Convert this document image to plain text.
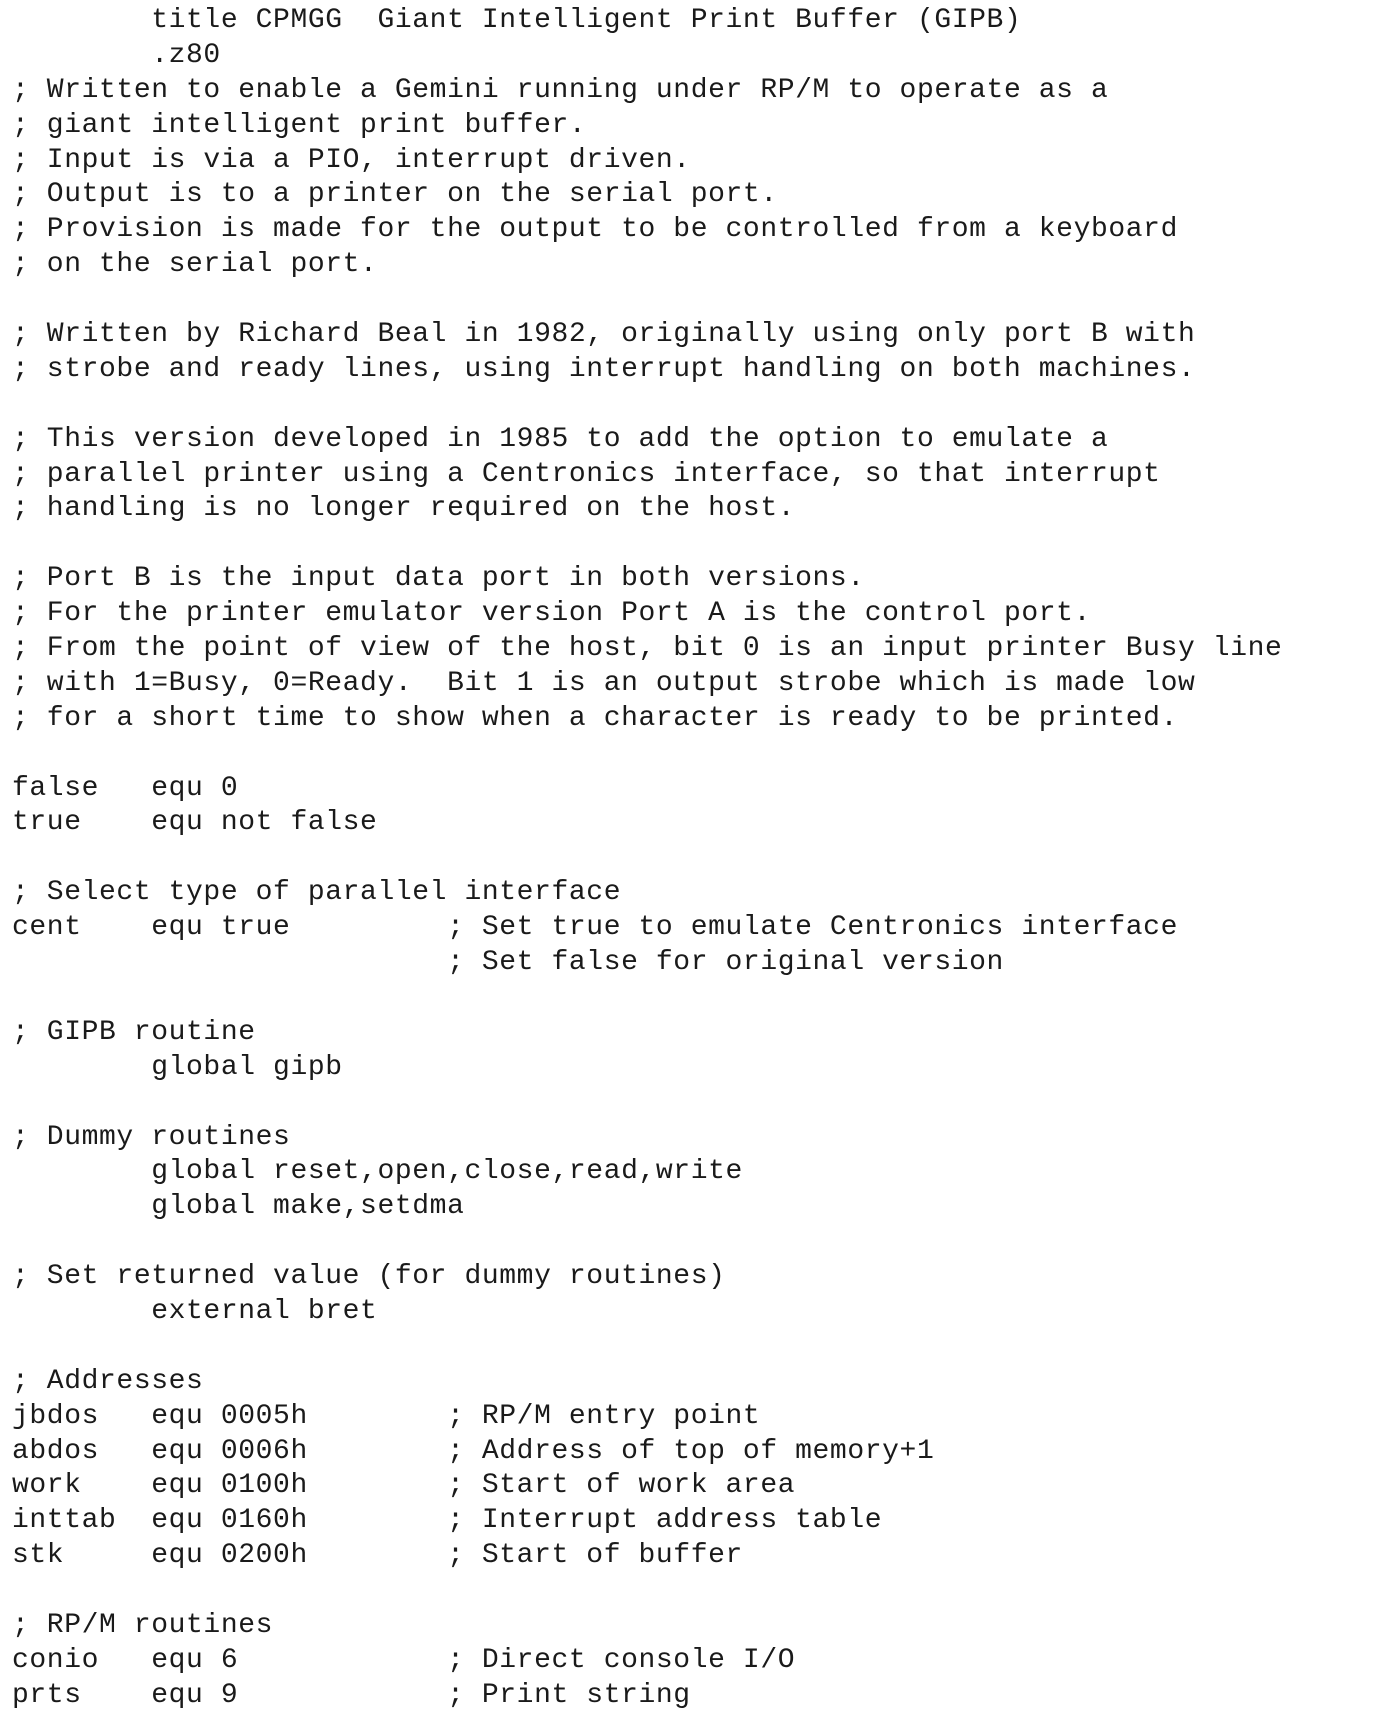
title CPMGG  Giant Intelligent Print Buffer (GIPB)
.z80
; Written to enable a Gemini running under RP/M to operate as a
; giant intelligent print buffer.
; Input is via a PIO, interrupt driven.
; Output is to a printer on the serial port.
; Provision is made for the output to be controlled from a keyboard
; on the serial port.
; Written by Richard Beal in 1982, originally using only port B with
; strobe and ready lines, using interrupt handling on both machines.
; This version developed in 1985 to add the option to emulate a
; parallel printer using a Centronics interface, so that interrupt
; handling is no longer required on the host.
; Port B is the input data port in both versions.
; For the printer emulator version Port A is the control port.
; From the point of view of the host, bit 0 is an input printer Busy line
; with 1=Busy, 0=Ready.  Bit 1 is an output strobe which is made low
; for a short time to show when a character is ready to be printed.
false   equ 0
true    equ not false
; Select type of parallel interface
cent    equ true         ; Set true to emulate Centronics interface
; Set false for original version
; GIPB routine
global gipb
; Dummy routines
global reset,open,close,read,write
global make,setdma
; Set returned value (for dummy routines)
external bret
; Addresses
jbdos   equ 0005h        ; RP/M entry point
abdos   equ 0006h        ; Address of top of memory+1
work    equ 0100h        ; Start of work area
inttab  equ 0160h        ; Interrupt address table
stk     equ 0200h        ; Start of buffer
; RP/M routines
conio   equ 6            ; Direct console I/O
prts    equ 9            ; Print string
